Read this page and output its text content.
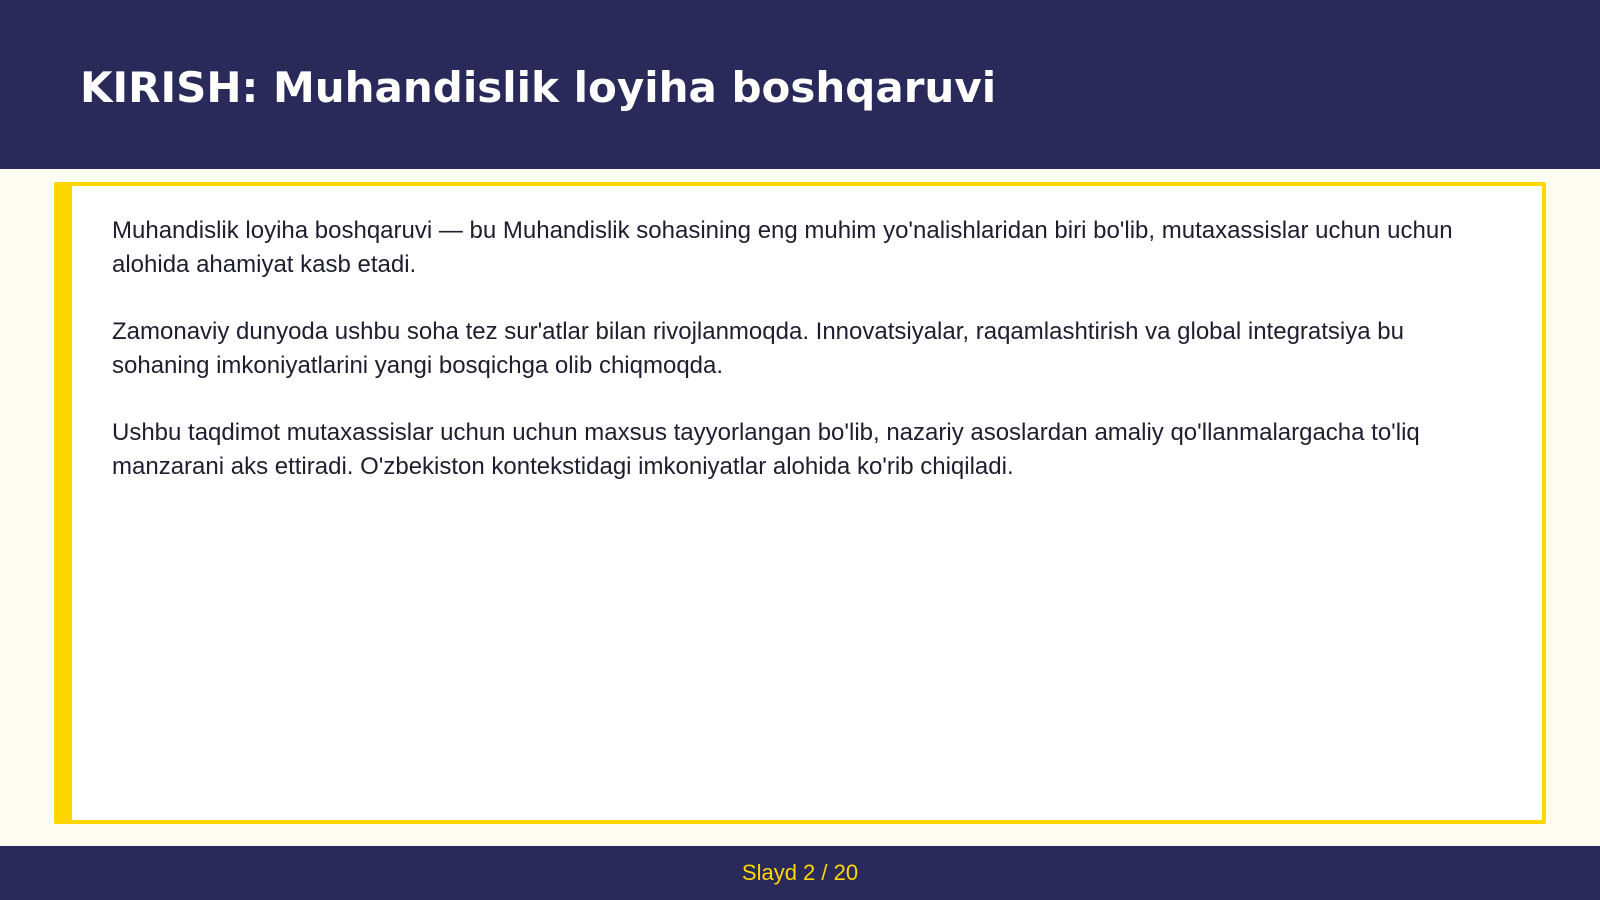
KIRISH: Muhandislik loyiha boshqaruvi

Muhandislik loyiha boshqaruvi — bu Muhandislik sohasining eng muhim yo'nalishlaridan biri bo'lib, mutaxassislar uchun uchun alohida ahamiyat kasb etadi.

Zamonaviy dunyoda ushbu soha tez sur'atlar bilan rivojlanmoqda. Innovatsiyalar, raqamlashtirish va global integratsiya bu sohaning imkoniyatlarini yangi bosqichga olib chiqmoqda.

Ushbu taqdimot mutaxassislar uchun uchun maxsus tayyorlangan bo'lib, nazariy asoslardan amaliy qo'llanmalargacha to'liq manzarani aks ettiradi. O'zbekiston kontekstidagi imkoniyatlar alohida ko'rib chiqiladi.

Slayd 2 / 20
